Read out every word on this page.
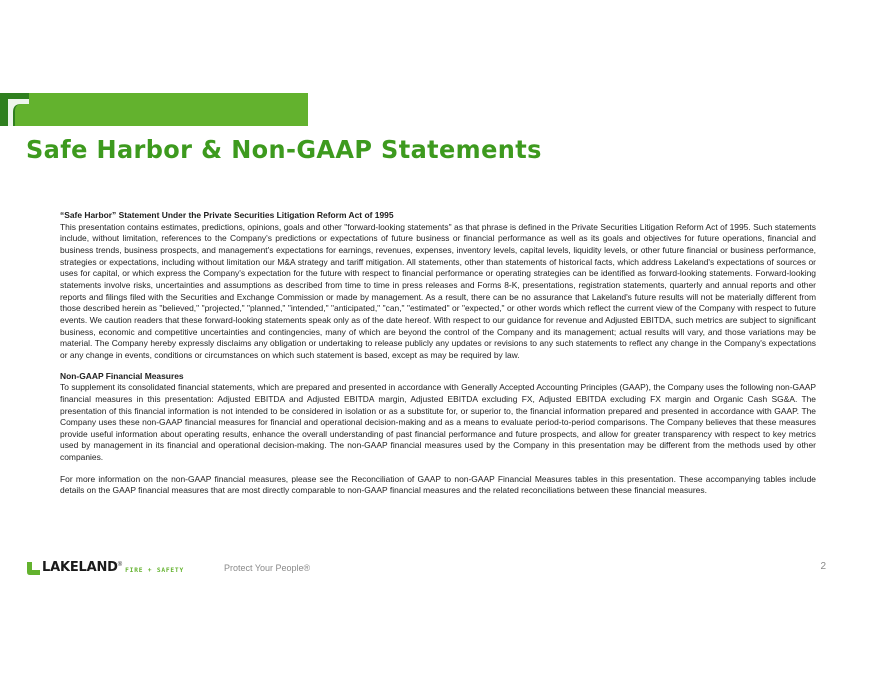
Safe Harbor & Non-GAAP Statements

“Safe Harbor” Statement Under the Private Securities Litigation Reform Act of 1995

This presentation contains estimates, predictions, opinions, goals and other "forward-looking statements" as that phrase is defined in the Private Securities Litigation Reform Act of 1995. Such statements include, without limitation, references to the Company's predictions or expectations of future business or financial performance as well as its goals and objectives for future operations, financial and business trends, business prospects, and management's expectations for earnings, revenues, expenses, inventory levels, capital levels, liquidity levels, or other future financial or business performance, strategies or expectations, including without limitation our M&A strategy and tariff mitigation. All statements, other than statements of historical facts, which address Lakeland's expectations of sources or uses for capital, or which express the Company's expectation for the future with respect to financial performance or operating strategies can be identified as forward-looking statements. Forward-looking statements involve risks, uncertainties and assumptions as described from time to time in press releases and Forms 8-K, presentations, registration statements, quarterly and annual reports and other reports and filings filed with the Securities and Exchange Commission or made by management. As a result, there can be no assurance that Lakeland's future results will not be materially different from those described herein as "believed," "projected," "planned," "intended," "anticipated," "can," "estimated" or "expected," or other words which reflect the current view of the Company with respect to future events. We caution readers that these forward-looking statements speak only as of the date hereof. With respect to our guidance for revenue and Adjusted EBITDA, such metrics are subject to significant business, economic and competitive uncertainties and contingencies, many of which are beyond the control of the Company and its management; actual results will vary, and those variations may be material. The Company hereby expressly disclaims any obligation or undertaking to release publicly any updates or revisions to any such statements to reflect any change in the Company's expectations or any change in events, conditions or circumstances on which such statement is based, except as may be required by law.

Non-GAAP Financial Measures

To supplement its consolidated financial statements, which are prepared and presented in accordance with Generally Accepted Accounting Principles (GAAP), the Company uses the following non-GAAP financial measures in this presentation: Adjusted EBITDA and Adjusted EBITDA margin, Adjusted EBITDA excluding FX, Adjusted EBITDA excluding FX margin and Organic Cash SG&A. The presentation of this financial information is not intended to be considered in isolation or as a substitute for, or superior to, the financial information prepared and presented in accordance with GAAP. The Company uses these non-GAAP financial measures for financial and operational decision-making and as a means to evaluate period-to-period comparisons. The Company believes that these measures provide useful information about operating results, enhance the overall understanding of past financial performance and future prospects, and allow for greater transparency with respect to key metrics used by management in its financial and operational decision-making. The non-GAAP financial measures used by the Company in this presentation may be different from the methods used by other companies.

For more information on the non-GAAP financial measures, please see the Reconciliation of GAAP to non-GAAP Financial Measures tables in this presentation. These accompanying tables include details on the GAAP financial measures that are most directly comparable to non-GAAP financial measures and the related reconciliations between these financial measures.

LAKELAND ®
FIRE + SAFETY	Protect Your People®	2
